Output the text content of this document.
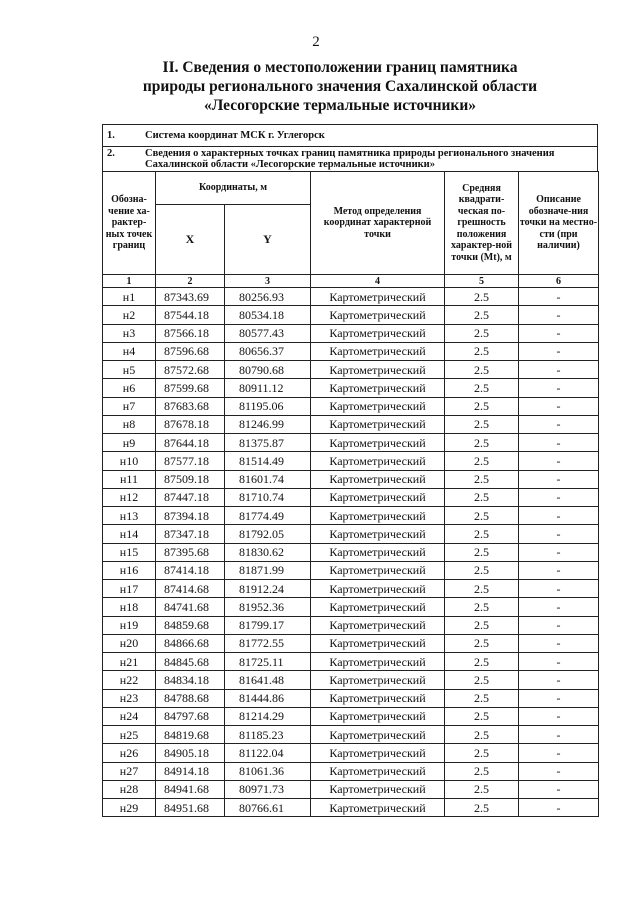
2
II. Сведения о местоположении границ памятника
природы регионального значения Сахалинской области
«Лесогорские термальные источники»
1.	Система координат МСК г. Углегорск
2.	Сведения о характерных точках границ памятника природы регионального значения Сахалинской области «Лесогорские термальные источники»
Обозна-чение ха-рактер-ных точек границ	Координаты, м		Метод определения координат характерной точки	Средняя квадрати-ческая по-грешность положения характер-ной точки (Mt), м	Описание обозначе-ния точки на местно-сти (при наличии)
	X	Y			
1	2	3	4	5	6
н1	87343.69	80256.93	Картометрический	2.5	-
н2	87544.18	80534.18	Картометрический	2.5	-
н3	87566.18	80577.43	Картометрический	2.5	-
н4	87596.68	80656.37	Картометрический	2.5	-
н5	87572.68	80790.68	Картометрический	2.5	-
н6	87599.68	80911.12	Картометрический	2.5	-
н7	87683.68	81195.06	Картометрический	2.5	-
н8	87678.18	81246.99	Картометрический	2.5	-
н9	87644.18	81375.87	Картометрический	2.5	-
н10	87577.18	81514.49	Картометрический	2.5	-
н11	87509.18	81601.74	Картометрический	2.5	-
н12	87447.18	81710.74	Картометрический	2.5	-
н13	87394.18	81774.49	Картометрический	2.5	-
н14	87347.18	81792.05	Картометрический	2.5	-
н15	87395.68	81830.62	Картометрический	2.5	-
н16	87414.18	81871.99	Картометрический	2.5	-
н17	87414.68	81912.24	Картометрический	2.5	-
н18	84741.68	81952.36	Картометрический	2.5	-
н19	84859.68	81799.17	Картометрический	2.5	-
н20	84866.68	81772.55	Картометрический	2.5	-
н21	84845.68	81725.11	Картометрический	2.5	-
н22	84834.18	81641.48	Картометрический	2.5	-
н23	84788.68	81444.86	Картометрический	2.5	-
н24	84797.68	81214.29	Картометрический	2.5	-
н25	84819.68	81185.23	Картометрический	2.5	-
н26	84905.18	81122.04	Картометрический	2.5	-
н27	84914.18	81061.36	Картометрический	2.5	-
н28	84941.68	80971.73	Картометрический	2.5	-
н29	84951.68	80766.61	Картометрический	2.5	-
